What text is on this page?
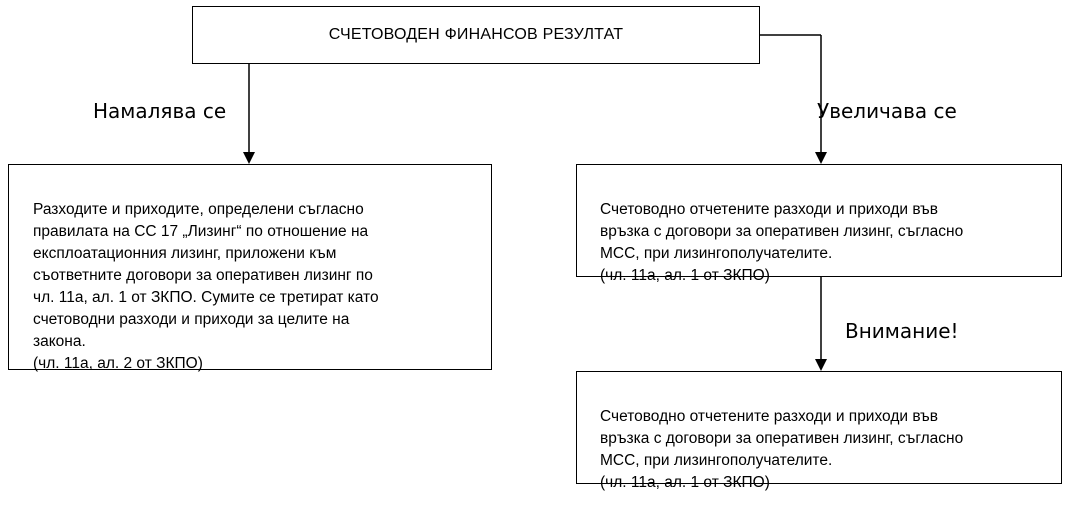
СЧЕТОВОДЕН ФИНАНСОВ РЕЗУЛТАТ
Намалява се	Увеличава се
Внимание!

Разходите и приходите, определени съгласно
правилата на СС 17 „Лизинг“ по отношение на
експлоатационния лизинг, приложени към
съответните договори за оперативен лизинг по
чл. 11а, ал. 1 от ЗКПО. Сумите се третират като
счетоводни разходи и приходи за целите на
закона.
(чл. 11а, ал. 2 от ЗКПО)

Счетоводно отчетените разходи и приходи във
връзка с договори за оперативен лизинг, съгласно
МСС, при лизингополучателите.
(чл. 11а, ал. 1 от ЗКПО)

Счетоводно отчетените разходи и приходи във
връзка с договори за оперативен лизинг, съгласно
МСС, при лизингополучателите.
(чл. 11а, ал. 1 от ЗКПО)
